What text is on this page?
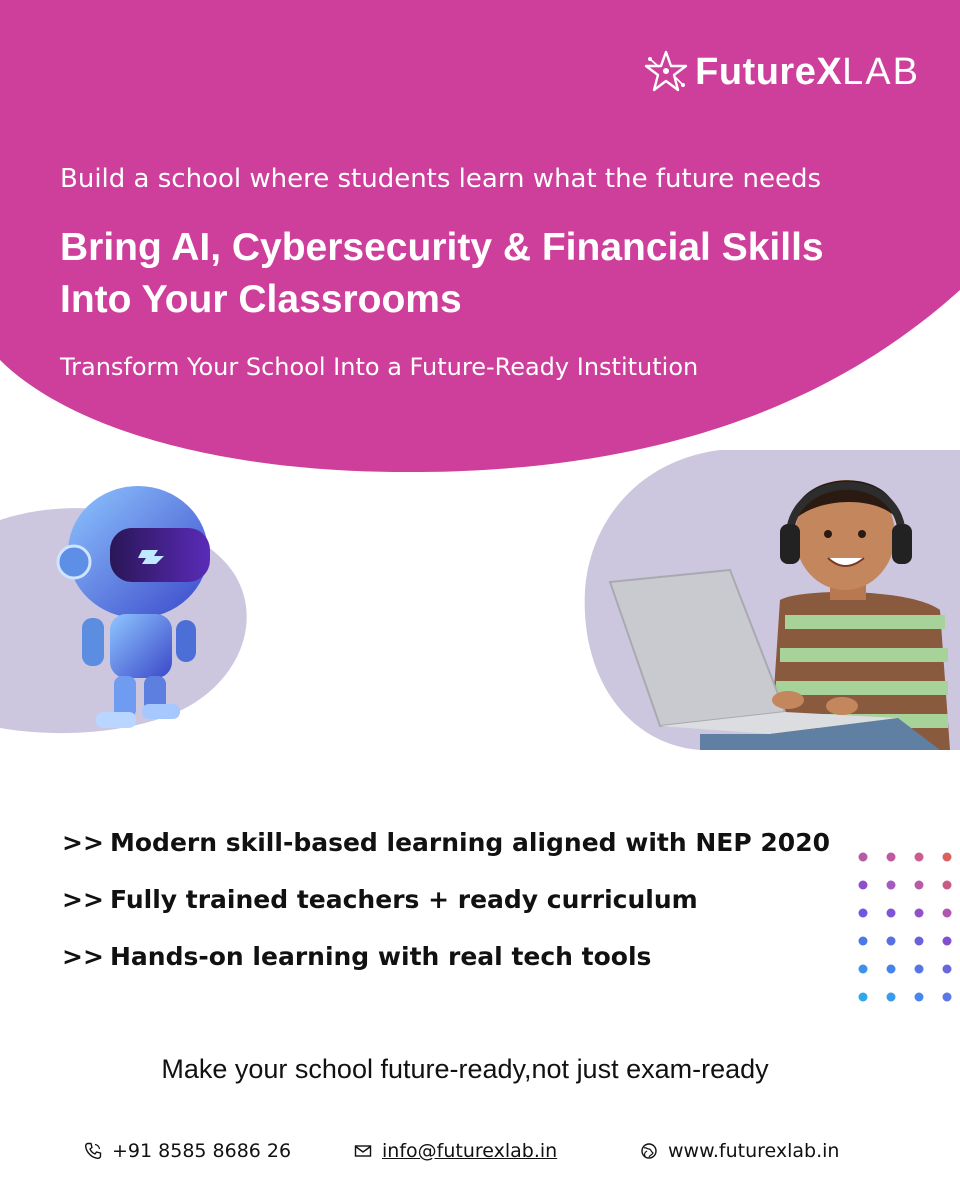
FutureXLAB
Build a school where students learn what the future needs
Bring AI, Cybersecurity & Financial Skills
Into Your Classrooms
Transform Your School Into a Future-Ready Institution
>> Modern skill-based learning aligned with NEP 2020
>> Fully trained teachers + ready curriculum
>> Hands-on learning with real tech tools
Make your school future-ready,not just exam-ready
+91 8585 8686 26	info@futurexlab.in	www.futurexlab.in
